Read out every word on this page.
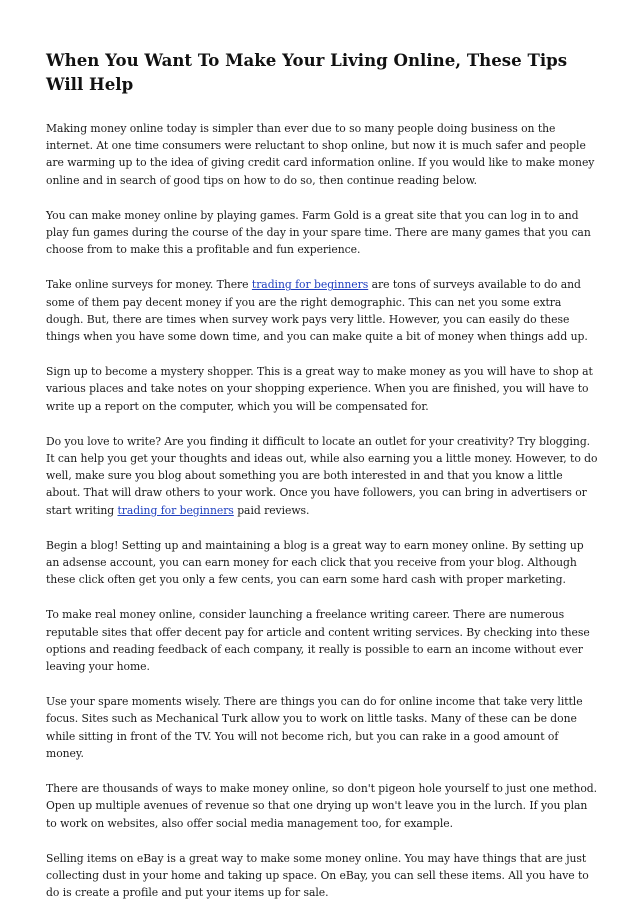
When You Want To Make Your Living Online, These Tips Will Help

Making money online today is simpler than ever due to so many people doing business on the internet. At one time consumers were reluctant to shop online, but now it is much safer and people are warming up to the idea of giving credit card information online. If you would like to make money online and in search of good tips on how to do so, then continue reading below.

You can make money online by playing games. Farm Gold is a great site that you can log in to and play fun games during the course of the day in your spare time. There are many games that you can choose from to make this a profitable and fun experience.

Take online surveys for money. There trading for beginners are tons of surveys available to do and some of them pay decent money if you are the right demographic. This can net you some extra dough. But, there are times when survey work pays very little. However, you can easily do these things when you have some down time, and you can make quite a bit of money when things add up.

Sign up to become a mystery shopper. This is a great way to make money as you will have to shop at various places and take notes on your shopping experience. When you are finished, you will have to write up a report on the computer, which you will be compensated for.

Do you love to write? Are you finding it difficult to locate an outlet for your creativity? Try blogging. It can help you get your thoughts and ideas out, while also earning you a little money. However, to do well, make sure you blog about something you are both interested in and that you know a little about. That will draw others to your work. Once you have followers, you can bring in advertisers or start writing trading for beginners paid reviews.

Begin a blog! Setting up and maintaining a blog is a great way to earn money online. By setting up an adsense account, you can earn money for each click that you receive from your blog. Although these click often get you only a few cents, you can earn some hard cash with proper marketing.

To make real money online, consider launching a freelance writing career. There are numerous reputable sites that offer decent pay for article and content writing services. By checking into these options and reading feedback of each company, it really is possible to earn an income without ever leaving your home.

Use your spare moments wisely. There are things you can do for online income that take very little focus. Sites such as Mechanical Turk allow you to work on little tasks. Many of these can be done while sitting in front of the TV. You will not become rich, but you can rake in a good amount of money.

There are thousands of ways to make money online, so don't pigeon hole yourself to just one method. Open up multiple avenues of revenue so that one drying up won't leave you in the lurch. If you plan to work on websites, also offer social media management too, for example.

Selling items on eBay is a great way to make some money online. You may have things that are just collecting dust in your home and taking up space. On eBay, you can sell these items. All you have to do is create a profile and put your items up for sale.
